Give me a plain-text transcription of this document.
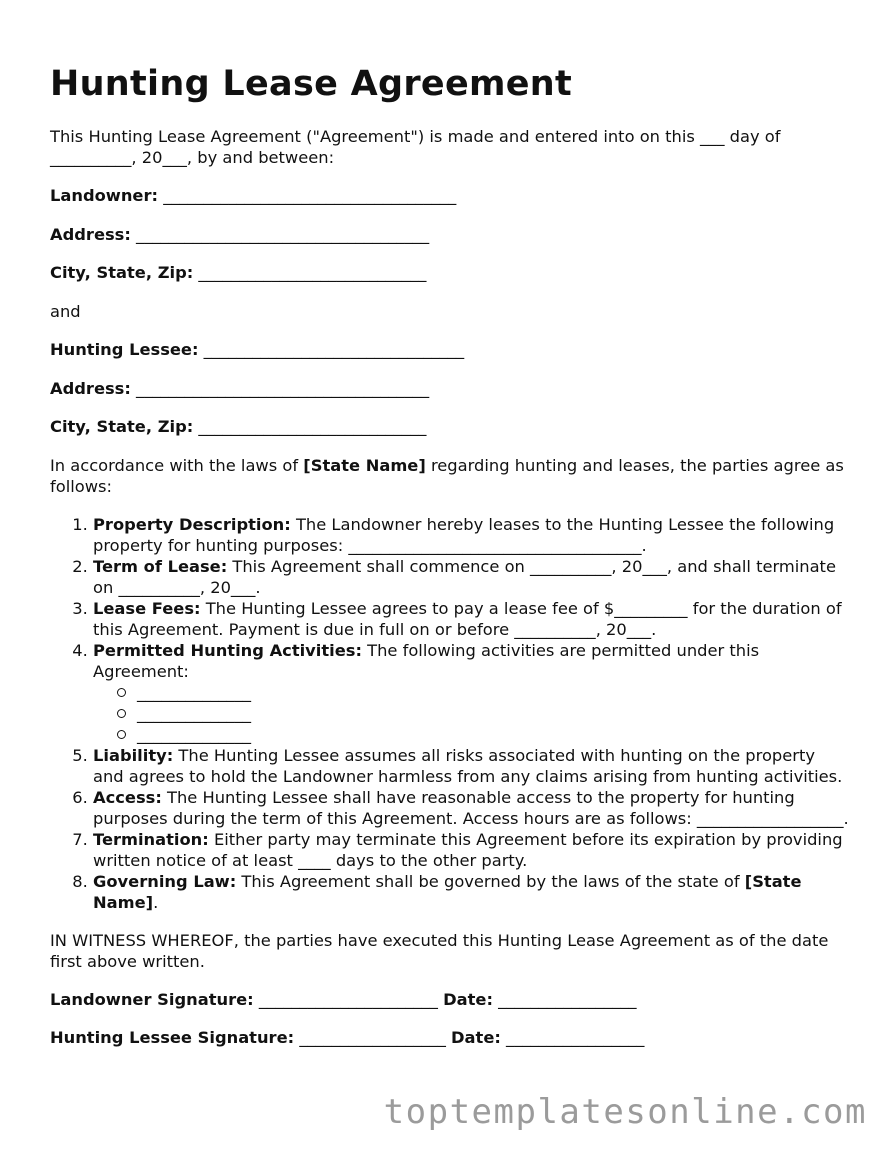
Hunting Lease Agreement

This Hunting Lease Agreement ("Agreement") is made and entered into on this ___ day of __________, 20___, by and between:

Landowner: ____________________________________

Address: ____________________________________

City, State, Zip: ____________________________

and

Hunting Lessee: ________________________________

Address: ____________________________________

City, State, Zip: ____________________________

In accordance with the laws of [State Name] regarding hunting and leases, the parties agree as follows:

1. Property Description: The Landowner hereby leases to the Hunting Lessee the following property for hunting purposes: ____________________________________.
2. Term of Lease: This Agreement shall commence on __________, 20___, and shall terminate on __________, 20___.
3. Lease Fees: The Hunting Lessee agrees to pay a lease fee of $_________ for the duration of this Agreement. Payment is due in full on or before __________, 20___.
4. Permitted Hunting Activities: The following activities are permitted under this Agreement:
______________
______________
______________
5. Liability: The Hunting Lessee assumes all risks associated with hunting on the property and agrees to hold the Landowner harmless from any claims arising from hunting activities.
6. Access: The Hunting Lessee shall have reasonable access to the property for hunting purposes during the term of this Agreement. Access hours are as follows: __________________.
7. Termination: Either party may terminate this Agreement before its expiration by providing written notice of at least ____ days to the other party.
8. Governing Law: This Agreement shall be governed by the laws of the state of [State Name].

IN WITNESS WHEREOF, the parties have executed this Hunting Lease Agreement as of the date first above written.

Landowner Signature: ______________________ Date: _________________

Hunting Lessee Signature: __________________ Date: _________________

toptemplatesonline.com
